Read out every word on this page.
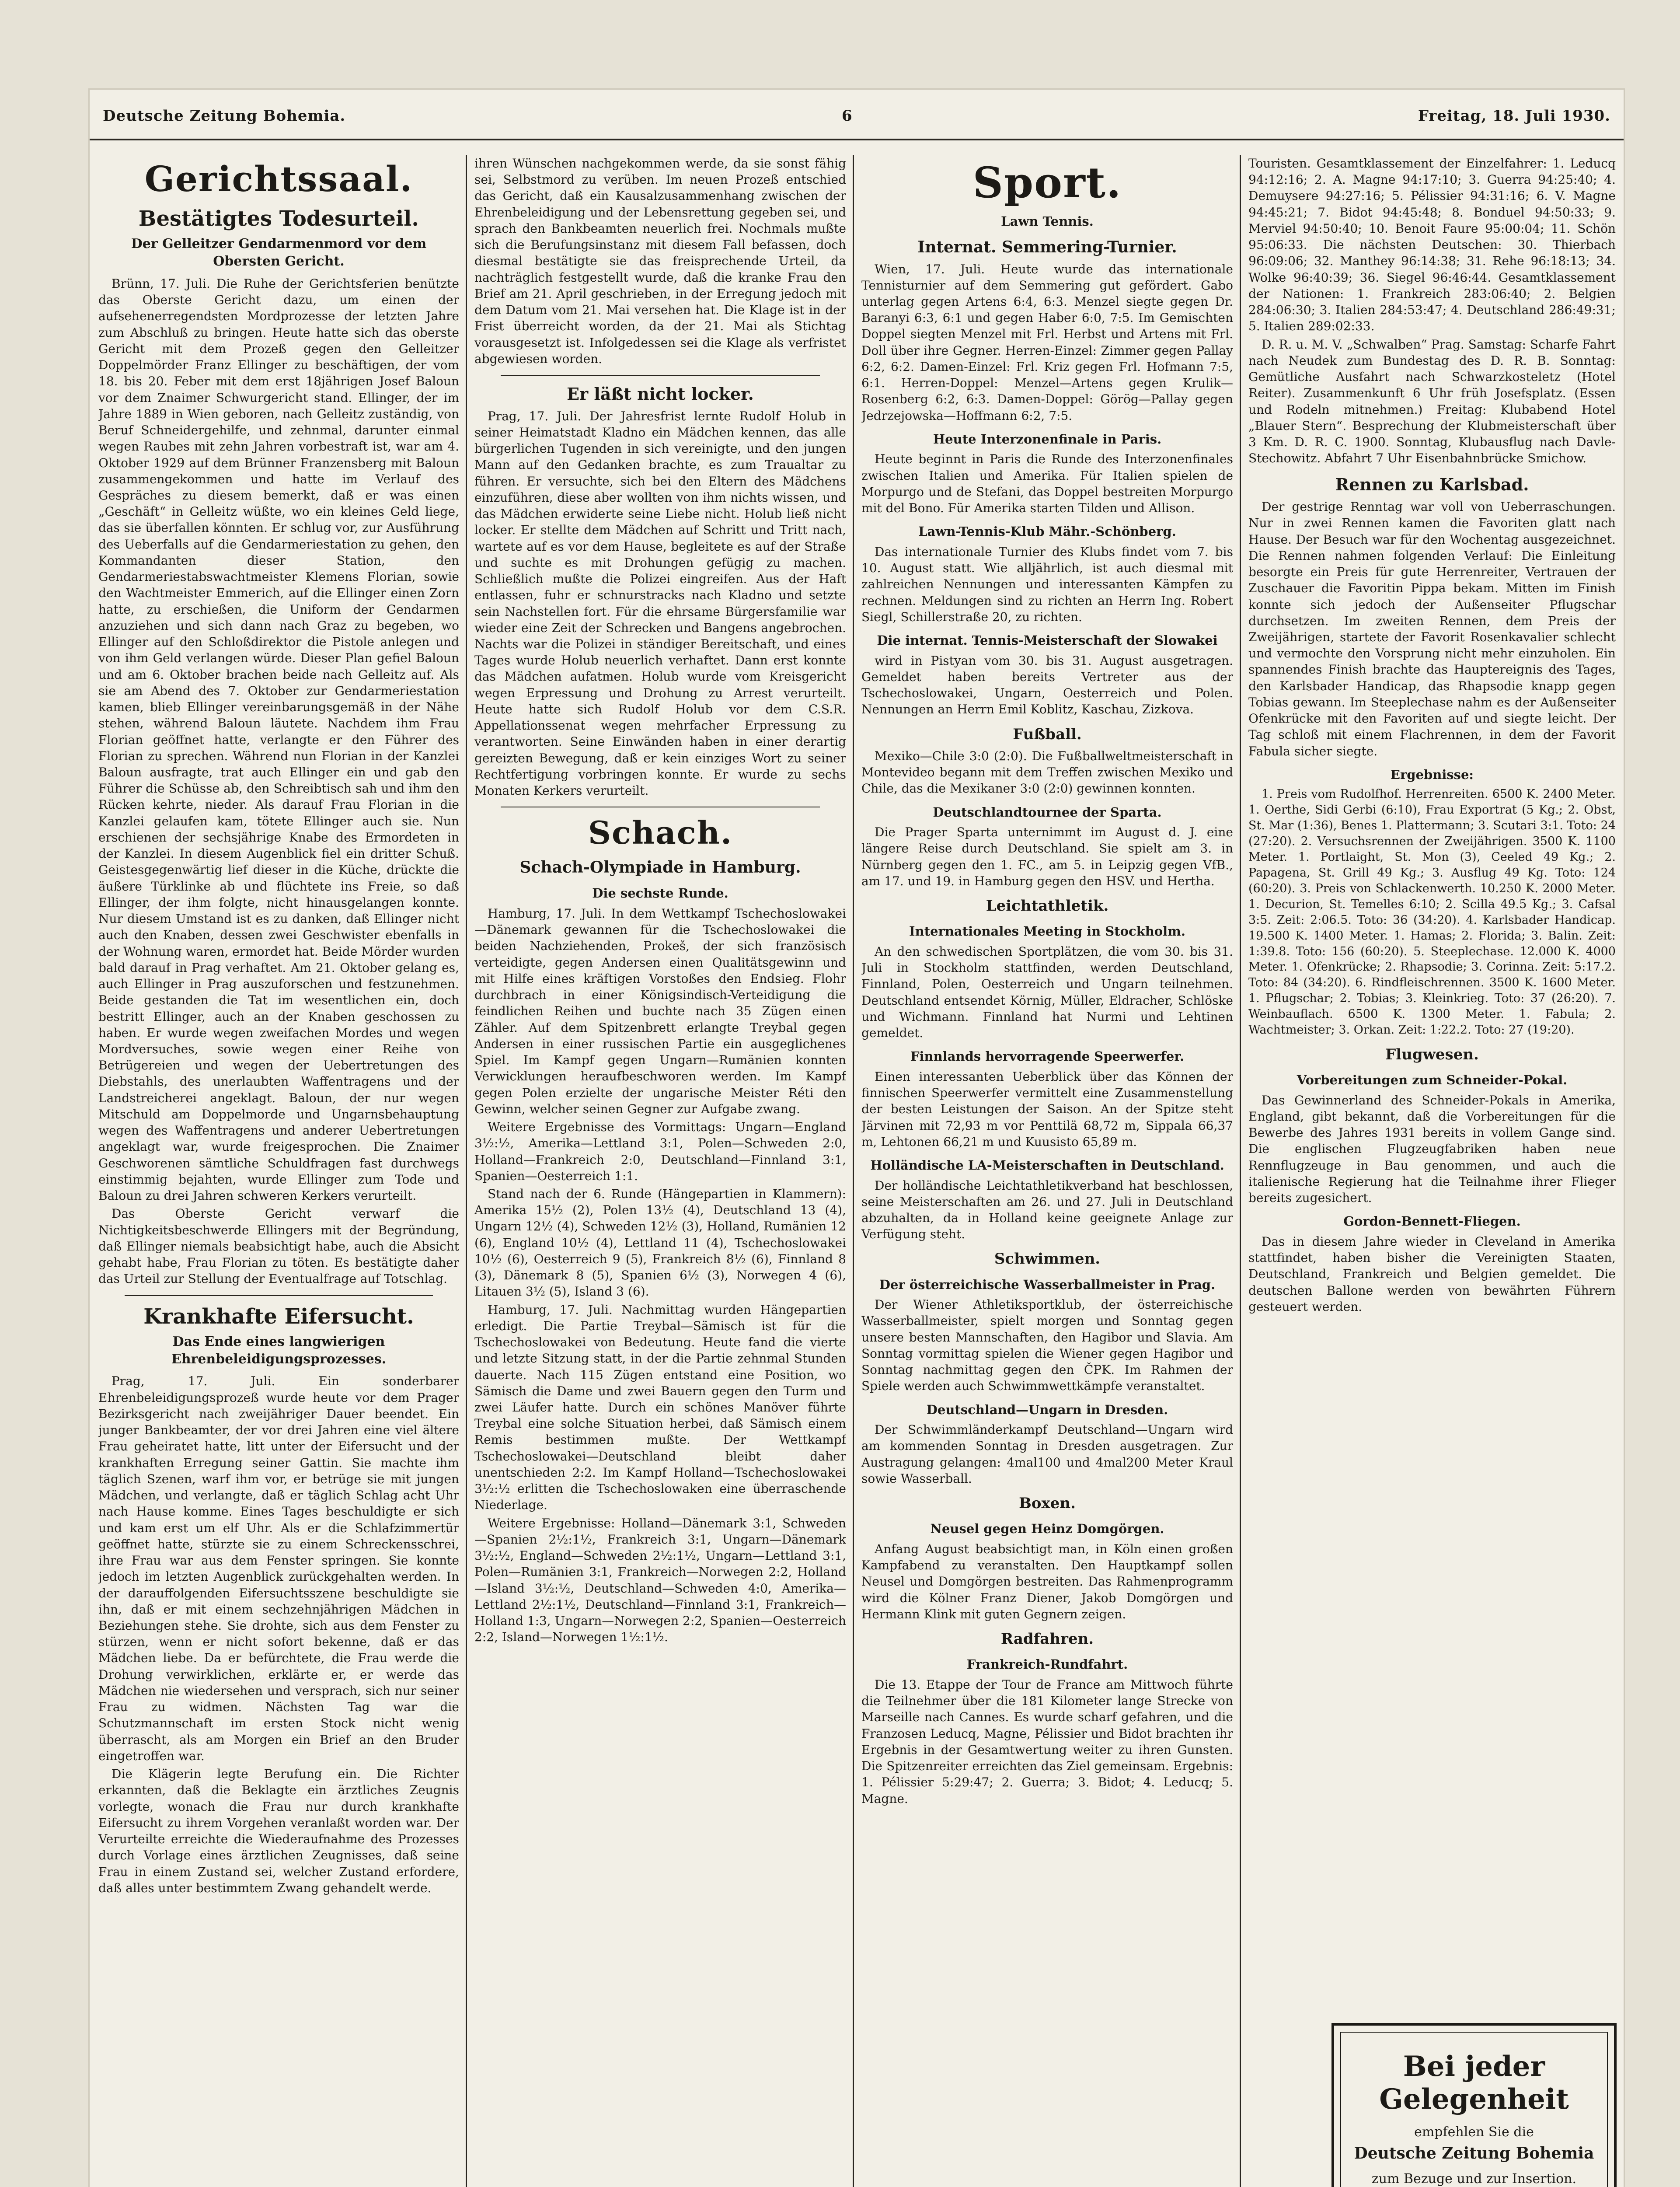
Deutsche Zeitung Bohemia.	6	Freitag, 18. Juli 1930.
Gerichtssaal.
Bestätigtes Todesurteil.
Der Gelleitzer Gendarmenmord vor dem Obersten Gericht.

Brünn, 17. Juli. Die Ruhe der Gerichtsferien benützte das Oberste Gericht dazu, um einen der aufsehenerregendsten Mordprozesse der letzten Jahre zum Abschluß zu bringen. Heute hatte sich das oberste Gericht mit dem Prozeß gegen den Gelleitzer Doppelmörder Franz Ellinger zu beschäftigen, der vom 18. bis 20. Feber mit dem erst 18jährigen Josef Baloun vor dem Znaimer Schwurgericht stand. Ellinger, der im Jahre 1889 in Wien geboren, nach Gelleitz zuständig, von Beruf Schneidergehilfe, und zehnmal, darunter einmal wegen Raubes mit zehn Jahren vorbestraft ist, war am 4. Oktober 1929 auf dem Brünner Franzensberg mit Baloun zusammengekommen und hatte im Verlauf des Gespräches zu diesem bemerkt, daß er was einen „Geschäft“ in Gelleitz wüßte, wo ein kleines Geld liege, das sie überfallen könnten. Er schlug vor, zur Ausführung des Ueberfalls auf die Gendarmeriestation zu gehen, den Kommandanten dieser Station, den Gendarmeriestabswachtmeister Klemens Florian, sowie den Wachtmeister Emmerich, auf die Ellinger einen Zorn hatte, zu erschießen, die Uniform der Gendarmen anzuziehen und sich dann nach Graz zu begeben, wo Ellinger auf den Schloßdirektor die Pistole anlegen und von ihm Geld verlangen würde. Dieser Plan gefiel Baloun und am 6. Oktober brachen beide nach Gelleitz auf. Als sie am Abend des 7. Oktober zur Gendarmeriestation kamen, blieb Ellinger vereinbarungsgemäß in der Nähe stehen, während Baloun läutete. Nachdem ihm Frau Florian geöffnet hatte, verlangte er den Führer des Florian zu sprechen. Während nun Florian in der Kanzlei Baloun ausfragte, trat auch Ellinger ein und gab den Führer die Schüsse ab, den Schreibtisch sah und ihm den Rücken kehrte, nieder. Als darauf Frau Florian in die Kanzlei gelaufen kam, tötete Ellinger auch sie. Nun erschienen der sechsjährige Knabe des Ermordeten in der Kanzlei. In diesem Augenblick fiel ein dritter Schuß. Geistesgegenwärtig lief dieser in die Küche, drückte die äußere Türklinke ab und flüchtete ins Freie, so daß Ellinger, der ihm folgte, nicht hinausgelangen konnte. Nur diesem Umstand ist es zu danken, daß Ellinger nicht auch den Knaben, dessen zwei Geschwister ebenfalls in der Wohnung waren, ermordet hat. Beide Mörder wurden bald darauf in Prag verhaftet. Am 21. Oktober gelang es, auch Ellinger in Prag auszuforschen und festzunehmen. Beide gestanden die Tat im wesentlichen ein, doch bestritt Ellinger, auch an der Knaben geschossen zu haben. Er wurde wegen zweifachen Mordes und wegen Mordversuches, sowie wegen einer Reihe von Betrügereien und wegen der Uebertretungen des Diebstahls, des unerlaubten Waffentragens und der Landstreicherei angeklagt. Baloun, der nur wegen Mitschuld am Doppelmorde und Ungarnsbehauptung wegen des Waffentragens und anderer Uebertretungen angeklagt war, wurde freigesprochen. Die Znaimer Geschworenen sämtliche Schuldfragen fast durchwegs einstimmig bejahten, wurde Ellinger zum Tode und Baloun zu drei Jahren schweren Kerkers verurteilt.

Das Oberste Gericht verwarf die Nichtigkeitsbeschwerde Ellingers mit der Begründung, daß Ellinger niemals beabsichtigt habe, auch die Absicht gehabt habe, Frau Florian zu töten. Es bestätigte daher das Urteil zur Stellung der Eventualfrage auf Totschlag.

Krankhafte Eifersucht.
Das Ende eines langwierigen Ehrenbeleidigungsprozesses.

Prag, 17. Juli. Ein sonderbarer Ehrenbeleidigungsprozeß wurde heute vor dem Prager Bezirksgericht nach zweijähriger Dauer beendet. Ein junger Bankbeamter, der vor drei Jahren eine viel ältere Frau geheiratet hatte, litt unter der Eifersucht und der krankhaften Erregung seiner Gattin. Sie machte ihm täglich Szenen, warf ihm vor, er betrüge sie mit jungen Mädchen, und verlangte, daß er täglich Schlag acht Uhr nach Hause komme. Eines Tages beschuldigte er sich und kam erst um elf Uhr. Als er die Schlafzimmertür geöffnet hatte, stürzte sie zu einem Schreckensschrei, ihre Frau war aus dem Fenster springen. Sie konnte jedoch im letzten Augenblick zurückgehalten werden. In der darauffolgenden Eifersuchtsszene beschuldigte sie ihn, daß er mit einem sechzehnjährigen Mädchen in Beziehungen stehe. Sie drohte, sich aus dem Fenster zu stürzen, wenn er nicht sofort bekenne, daß er das Mädchen liebe. Da er befürchtete, die Frau werde die Drohung verwirklichen, erklärte er, er werde das Mädchen nie wiedersehen und versprach, sich nur seiner Frau zu widmen. Nächsten Tag war die Schutzmannschaft im ersten Stock nicht wenig überrascht, als am Morgen ein Brief an den Bruder eingetroffen war.

Die Klägerin legte Berufung ein. Die Richter erkannten, daß die Beklagte ein ärztliches Zeugnis vorlegte, wonach die Frau nur durch krankhafte Eifersucht zu ihrem Vorgehen veranlaßt worden war. Der Verurteilte erreichte die Wiederaufnahme des Prozesses durch Vorlage eines ärztlichen Zeugnisses, daß seine Frau in einem Zustand sei, welcher Zustand erfordere, daß alles unter bestimmtem Zwang gehandelt werde.

ihren Wünschen nachgekommen werde, da sie sonst fähig sei, Selbstmord zu verüben. Im neuen Prozeß entschied das Gericht, daß ein Kausalzusammenhang zwischen der Ehrenbeleidigung und der Lebensrettung gegeben sei, und sprach den Bankbeamten neuerlich frei. Nochmals mußte sich die Berufungsinstanz mit diesem Fall befassen, doch diesmal bestätigte sie das freisprechende Urteil, da nachträglich festgestellt wurde, daß die kranke Frau den Brief am 21. April geschrieben, in der Erregung jedoch mit dem Datum vom 21. Mai versehen hat. Die Klage ist in der Frist überreicht worden, da der 21. Mai als Stichtag vorausgesetzt ist. Infolgedessen sei die Klage als verfristet abgewiesen worden.

Er läßt nicht locker.

Prag, 17. Juli. Der Jahresfrist lernte Rudolf Holub in seiner Heimatstadt Kladno ein Mädchen kennen, das alle bürgerlichen Tugenden in sich vereinigte, und den jungen Mann auf den Gedanken brachte, es zum Traualtar zu führen. Er versuchte, sich bei den Eltern des Mädchens einzuführen, diese aber wollten von ihm nichts wissen, und das Mädchen erwiderte seine Liebe nicht. Holub ließ nicht locker. Er stellte dem Mädchen auf Schritt und Tritt nach, wartete auf es vor dem Hause, begleitete es auf der Straße und suchte es mit Drohungen gefügig zu machen. Schließlich mußte die Polizei eingreifen. Aus der Haft entlassen, fuhr er schnurstracks nach Kladno und setzte sein Nachstellen fort. Für die ehrsame Bürgersfamilie war wieder eine Zeit der Schrecken und Bangens angebrochen. Nachts war die Polizei in ständiger Bereitschaft, und eines Tages wurde Holub neuerlich verhaftet. Dann erst konnte das Mädchen aufatmen. Holub wurde vom Kreisgericht wegen Erpressung und Drohung zu Arrest verurteilt. Heute hatte sich Rudolf Holub vor dem C.S.R. Appellationssenat wegen mehrfacher Erpressung zu verantworten. Seine Einwänden haben in einer derartig gereizten Bewegung, daß er kein einziges Wort zu seiner Rechtfertigung vorbringen konnte. Er wurde zu sechs Monaten Kerkers verurteilt.

Schach.
Schach-Olympiade in Hamburg.
Die sechste Runde.

Hamburg, 17. Juli. In dem Wettkampf Tschechoslowakei—Dänemark gewannen für die Tschechoslowakei die beiden Nachziehenden, Prokeš, der sich französisch verteidigte, gegen Andersen einen Qualitätsgewinn und mit Hilfe eines kräftigen Vorstoßes den Endsieg. Flohr durchbrach in einer Königsindisch-Verteidigung die feindlichen Reihen und buchte nach 35 Zügen einen Zähler. Auf dem Spitzenbrett erlangte Treybal gegen Andersen in einer russischen Partie ein ausgeglichenes Spiel. Im Kampf gegen Ungarn—Rumänien konnten Verwicklungen heraufbeschworen werden. Im Kampf gegen Polen erzielte der ungarische Meister Réti den Gewinn, welcher seinen Gegner zur Aufgabe zwang.

Weitere Ergebnisse des Vormittags: Ungarn—England 3½:½, Amerika—Lettland 3:1, Polen—Schweden 2:0, Holland—Frankreich 2:0, Deutschland—Finnland 3:1, Spanien—Oesterreich 1:1.

Stand nach der 6. Runde (Hängepartien in Klammern): Amerika 15½ (2), Polen 13½ (4), Deutschland 13 (4), Ungarn 12½ (4), Schweden 12½ (3), Holland, Rumänien 12 (6), England 10½ (4), Lettland 11 (4), Tschechoslowakei 10½ (6), Oesterreich 9 (5), Frankreich 8½ (6), Finnland 8 (3), Dänemark 8 (5), Spanien 6½ (3), Norwegen 4 (6), Litauen 3½ (5), Island 3 (6).

Hamburg, 17. Juli. Nachmittag wurden Hängepartien erledigt. Die Partie Treybal—Sämisch ist für die Tschechoslowakei von Bedeutung. Heute fand die vierte und letzte Sitzung statt, in der die Partie zehnmal Stunden dauerte. Nach 115 Zügen entstand eine Position, wo Sämisch die Dame und zwei Bauern gegen den Turm und zwei Läufer hatte. Durch ein schönes Manöver führte Treybal eine solche Situation herbei, daß Sämisch einem Remis bestimmen mußte. Der Wettkampf Tschechoslowakei—Deutschland bleibt daher unentschieden 2:2. Im Kampf Holland—Tschechoslowakei 3½:½ erlitten die Tschechoslowaken eine überraschende Niederlage.

Weitere Ergebnisse: Holland—Dänemark 3:1, Schweden—Spanien 2½:1½, Frankreich 3:1, Ungarn—Dänemark 3½:½, England—Schweden 2½:1½, Ungarn—Lettland 3:1, Polen—Rumänien 3:1, Frankreich—Norwegen 2:2, Holland—Island 3½:½, Deutschland—Schweden 4:0, Amerika—Lettland 2½:1½, Deutschland—Finnland 3:1, Frankreich—Holland 1:3, Ungarn—Norwegen 2:2, Spanien—Oesterreich 2:2, Island—Norwegen 1½:1½.

Sport.
Lawn Tennis.
Internat. Semmering-Turnier.

Wien, 17. Juli. Heute wurde das internationale Tennisturnier auf dem Semmering gut gefördert. Gabo unterlag gegen Artens 6:4, 6:3. Menzel siegte gegen Dr. Baranyi 6:3, 6:1 und gegen Haber 6:0, 7:5. Im Gemischten Doppel siegten Menzel mit Frl. Herbst und Artens mit Frl. Doll über ihre Gegner. Herren-Einzel: Zimmer gegen Pallay 6:2, 6:2. Damen-Einzel: Frl. Kriz gegen Frl. Hofmann 7:5, 6:1. Herren-Doppel: Menzel—Artens gegen Krulik—Rosenberg 6:2, 6:3. Damen-Doppel: Görög—Pallay gegen Jedrzejowska—Hoffmann 6:2, 7:5.

Heute Interzonenfinale in Paris.

Heute beginnt in Paris die Runde des Interzonenfinales zwischen Italien und Amerika. Für Italien spielen de Morpurgo und de Stefani, das Doppel bestreiten Morpurgo mit del Bono. Für Amerika starten Tilden und Allison.

Lawn-Tennis-Klub Mähr.-Schönberg.

Das internationale Turnier des Klubs findet vom 7. bis 10. August statt. Wie alljährlich, ist auch diesmal mit zahlreichen Nennungen und interessanten Kämpfen zu rechnen. Meldungen sind zu richten an Herrn Ing. Robert Siegl, Schillerstraße 20, zu richten.

Die internat. Tennis-Meisterschaft der Slowakei

wird in Pistyan vom 30. bis 31. August ausgetragen. Gemeldet haben bereits Vertreter aus der Tschechoslowakei, Ungarn, Oesterreich und Polen. Nennungen an Herrn Emil Koblitz, Kaschau, Zizkova.

Fußball.

Mexiko—Chile 3:0 (2:0). Die Fußballweltmeisterschaft in Montevideo begann mit dem Treffen zwischen Mexiko und Chile, das die Mexikaner 3:0 (2:0) gewinnen konnten.

Deutschlandtournee der Sparta.

Die Prager Sparta unternimmt im August d. J. eine längere Reise durch Deutschland. Sie spielt am 3. in Nürnberg gegen den 1. FC., am 5. in Leipzig gegen VfB., am 17. und 19. in Hamburg gegen den HSV. und Hertha.

Leichtathletik.
Internationales Meeting in Stockholm.

An den schwedischen Sportplätzen, die vom 30. bis 31. Juli in Stockholm stattfinden, werden Deutschland, Finnland, Polen, Oesterreich und Ungarn teilnehmen. Deutschland entsendet Körnig, Müller, Eldracher, Schlöske und Wichmann. Finnland hat Nurmi und Lehtinen gemeldet.

Finnlands hervorragende Speerwerfer.

Einen interessanten Ueberblick über das Können der finnischen Speerwerfer vermittelt eine Zusammenstellung der besten Leistungen der Saison. An der Spitze steht Järvinen mit 72,93 m vor Penttilä 68,72 m, Sippala 66,37 m, Lehtonen 66,21 m und Kuusisto 65,89 m.

Holländische LA-Meisterschaften in Deutschland.

Der holländische Leichtathletikverband hat beschlossen, seine Meisterschaften am 26. und 27. Juli in Deutschland abzuhalten, da in Holland keine geeignete Anlage zur Verfügung steht.

Schwimmen.
Der österreichische Wasserballmeister in Prag.

Der Wiener Athletiksportklub, der österreichische Wasserballmeister, spielt morgen und Sonntag gegen unsere besten Mannschaften, den Hagibor und Slavia. Am Sonntag vormittag spielen die Wiener gegen Hagibor und Sonntag nachmittag gegen den ČPK. Im Rahmen der Spiele werden auch Schwimmwettkämpfe veranstaltet.

Deutschland—Ungarn in Dresden.

Der Schwimmländerkampf Deutschland—Ungarn wird am kommenden Sonntag in Dresden ausgetragen. Zur Austragung gelangen: 4mal100 und 4mal200 Meter Kraul sowie Wasserball.

Boxen.
Neusel gegen Heinz Domgörgen.

Anfang August beabsichtigt man, in Köln einen großen Kampfabend zu veranstalten. Den Hauptkampf sollen Neusel und Domgörgen bestreiten. Das Rahmenprogramm wird die Kölner Franz Diener, Jakob Domgörgen und Hermann Klink mit guten Gegnern zeigen.

Radfahren.
Frankreich-Rundfahrt.

Die 13. Etappe der Tour de France am Mittwoch führte die Teilnehmer über die 181 Kilometer lange Strecke von Marseille nach Cannes. Es wurde scharf gefahren, und die Franzosen Leducq, Magne, Pélissier und Bidot brachten ihr Ergebnis in der Gesamtwertung weiter zu ihren Gunsten. Die Spitzenreiter erreichten das Ziel gemeinsam. Ergebnis: 1. Pélissier 5:29:47; 2. Guerra; 3. Bidot; 4. Leducq; 5. Magne.

Touristen. Gesamtklassement der Einzelfahrer: 1. Leducq 94:12:16; 2. A. Magne 94:17:10; 3. Guerra 94:25:40; 4. Demuysere 94:27:16; 5. Pélissier 94:31:16; 6. V. Magne 94:45:21; 7. Bidot 94:45:48; 8. Bonduel 94:50:33; 9. Merviel 94:50:40; 10. Benoit Faure 95:00:04; 11. Schön 95:06:33. Die nächsten Deutschen: 30. Thierbach 96:09:06; 32. Manthey 96:14:38; 31. Rehe 96:18:13; 34. Wolke 96:40:39; 36. Siegel 96:46:44. Gesamtklassement der Nationen: 1. Frankreich 283:06:40; 2. Belgien 284:06:30; 3. Italien 284:53:47; 4. Deutschland 286:49:31; 5. Italien 289:02:33.

D. R. u. M. V. „Schwalben“ Prag. Samstag: Scharfe Fahrt nach Neudek zum Bundestag des D. R. B. Sonntag: Gemütliche Ausfahrt nach Schwarzkosteletz (Hotel Reiter). Zusammenkunft 6 Uhr früh Josefsplatz. (Essen und Rodeln mitnehmen.) Freitag: Klubabend Hotel „Blauer Stern“. Besprechung der Klubmeisterschaft über 3 Km. D. R. C. 1900. Sonntag, Klubausflug nach Davle-Stechowitz. Abfahrt 7 Uhr Eisenbahnbrücke Smichow.

Rennen zu Karlsbad.

Der gestrige Renntag war voll von Ueberraschungen. Nur in zwei Rennen kamen die Favoriten glatt nach Hause. Der Besuch war für den Wochentag ausgezeichnet. Die Rennen nahmen folgenden Verlauf: Die Einleitung besorgte ein Preis für gute Herrenreiter, Vertrauen der Zuschauer die Favoritin Pippa bekam. Mitten im Finish konnte sich jedoch der Außenseiter Pflugschar durchsetzen. Im zweiten Rennen, dem Preis der Zweijährigen, startete der Favorit Rosenkavalier schlecht und vermochte den Vorsprung nicht mehr einzuholen. Ein spannendes Finish brachte das Hauptereignis des Tages, den Karlsbader Handicap, das Rhapsodie knapp gegen Tobias gewann. Im Steeplechase nahm es der Außenseiter Ofenkrücke mit den Favoriten auf und siegte leicht. Der Tag schloß mit einem Flachrennen, in dem der Favorit Fabula sicher siegte.

Ergebnisse:

1. Preis vom Rudolfhof. Herrenreiten. 6500 K. 2400 Meter. 1. Oerthe, Sidi Gerbi (6:10), Frau Exportrat (5 Kg.; 2. Obst, St. Mar (1:36), Benes 1. Plattermann; 3. Scutari 3:1. Toto: 24 (27:20). 2. Versuchsrennen der Zweijährigen. 3500 K. 1100 Meter. 1. Portlaight, St. Mon (3), Ceeled 49 Kg.; 2. Papagena, St. Grill 49 Kg.; 3. Ausflug 49 Kg. Toto: 124 (60:20). 3. Preis von Schlackenwerth. 10.250 K. 2000 Meter. 1. Decurion, St. Temelles 6:10; 2. Scilla 49.5 Kg.; 3. Cafsal 3:5. Zeit: 2:06.5. Toto: 36 (34:20). 4. Karlsbader Handicap. 19.500 K. 1400 Meter. 1. Hamas; 2. Florida; 3. Balin. Zeit: 1:39.8. Toto: 156 (60:20). 5. Steeplechase. 12.000 K. 4000 Meter. 1. Ofenkrücke; 2. Rhapsodie; 3. Corinna. Zeit: 5:17.2. Toto: 84 (34:20). 6. Rindfleischrennen. 3500 K. 1600 Meter. 1. Pflugschar; 2. Tobias; 3. Kleinkrieg. Toto: 37 (26:20). 7. Weinbauflach. 6500 K. 1300 Meter. 1. Fabula; 2. Wachtmeister; 3. Orkan. Zeit: 1:22.2. Toto: 27 (19:20).

Flugwesen.
Vorbereitungen zum Schneider-Pokal.

Das Gewinnerland des Schneider-Pokals in Amerika, England, gibt bekannt, daß die Vorbereitungen für die Bewerbe des Jahres 1931 bereits in vollem Gange sind. Die englischen Flugzeugfabriken haben neue Rennflugzeuge in Bau genommen, und auch die italienische Regierung hat die Teilnahme ihrer Flieger bereits zugesichert.

Gordon-Bennett-Fliegen.

Das in diesem Jahre wieder in Cleveland in Amerika stattfindet, haben bisher die Vereinigten Staaten, Deutschland, Frankreich und Belgien gemeldet. Die deutschen Ballone werden von bewährten Führern gesteuert werden.

Bei jeder Gelegenheit
empfehlen Sie die
Deutsche Zeitung Bohemia
zum Bezuge und zur Insertion.
